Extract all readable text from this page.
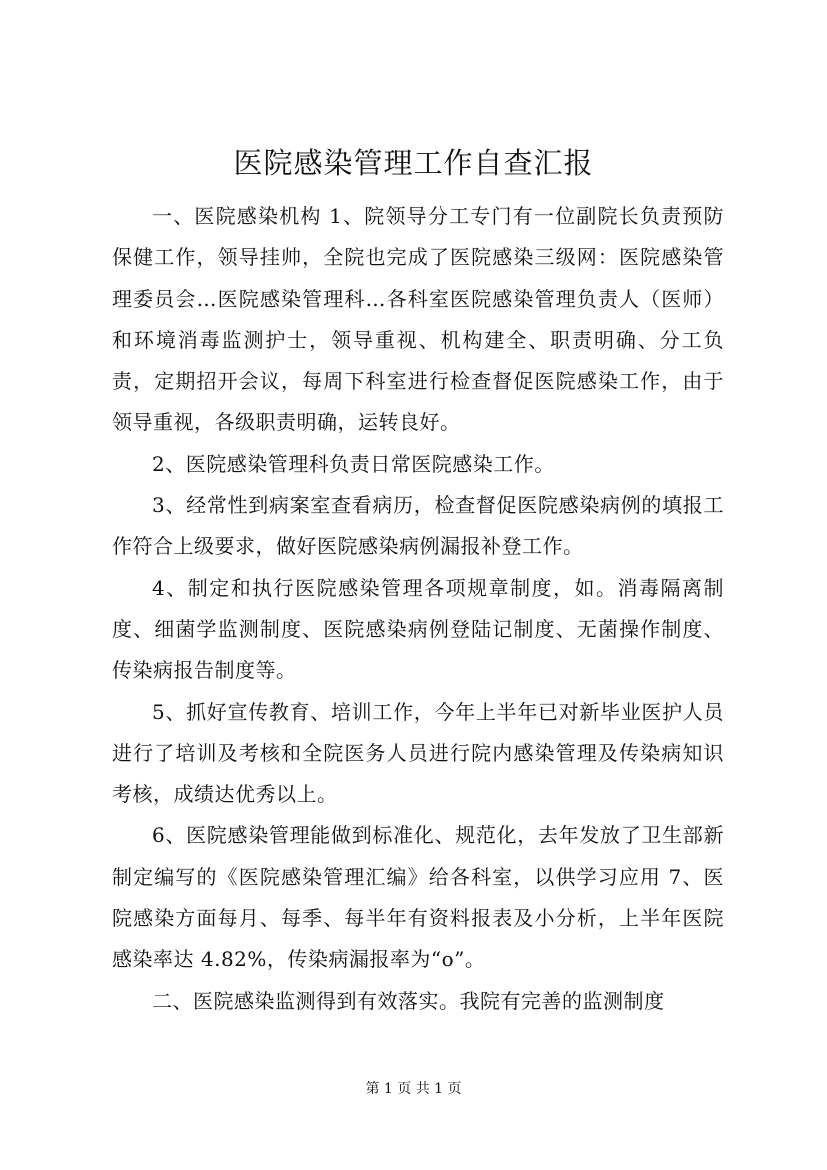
医院感染管理工作自查汇报

一、医院感染机构 1、院领导分工专门有一位副院长负责预防保健工作，领导挂帅，全院也完成了医院感染三级网：医院感染管理委员会…医院感染管理科…各科室医院感染管理负责人（医师）和环境消毒监测护士，领导重视、机构建全、职责明确、分工负责，定期招开会议，每周下科室进行检查督促医院感染工作，由于领导重视，各级职责明确，运转良好。

2、医院感染管理科负责日常医院感染工作。

3、经常性到病案室查看病历，检查督促医院感染病例的填报工作符合上级要求，做好医院感染病例漏报补登工作。

4、制定和执行医院感染管理各项规章制度，如。消毒隔离制度、细菌学监测制度、医院感染病例登陆记制度、无菌操作制度、传染病报告制度等。

5、抓好宣传教育、培训工作，今年上半年已对新毕业医护人员进行了培训及考核和全院医务人员进行院内感染管理及传染病知识考核，成绩达优秀以上。

6、医院感染管理能做到标准化、规范化，去年发放了卫生部新制定编写的《医院感染管理汇编》给各科室，以供学习应用 7、医院感染方面每月、每季、每半年有资料报表及小分析，上半年医院感染率达 4.82%，传染病漏报率为“o”。

二、医院感染监测得到有效落实。我院有完善的监测制度

第 1 页 共 1 页
